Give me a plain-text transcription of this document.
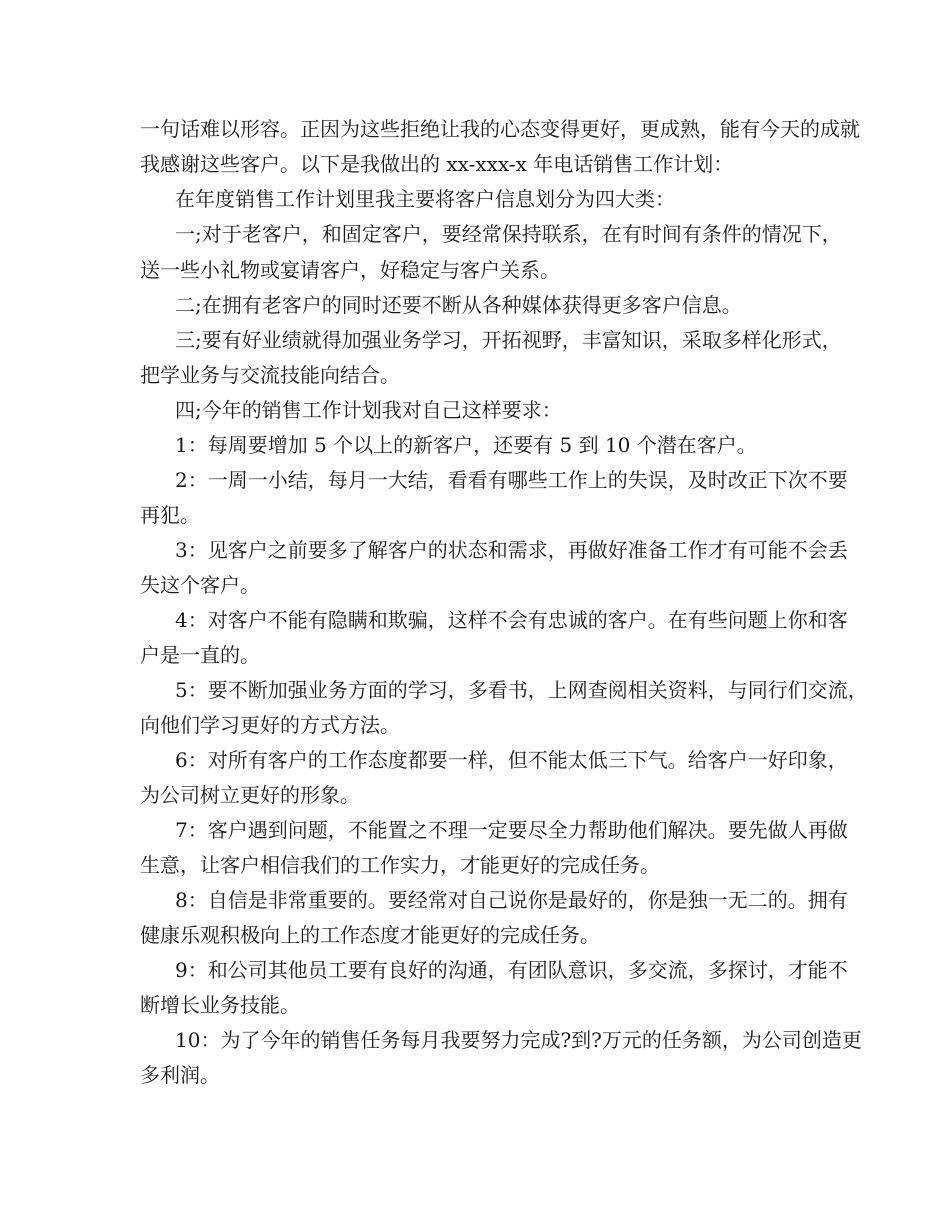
一句话难以形容。正因为这些拒绝让我的心态变得更好，更成熟，能有今天的成就
我感谢这些客户。以下是我做出的 xx-xxx-x 年电话销售工作计划：
在年度销售工作计划里我主要将客户信息划分为四大类：
一;对于老客户，和固定客户，要经常保持联系，在有时间有条件的情况下，
送一些小礼物或宴请客户，好稳定与客户关系。
二;在拥有老客户的同时还要不断从各种媒体获得更多客户信息。
三;要有好业绩就得加强业务学习，开拓视野，丰富知识，采取多样化形式，
把学业务与交流技能向结合。
四;今年的销售工作计划我对自己这样要求：
1：每周要增加 5 个以上的新客户，还要有 5 到 10 个潜在客户。
2：一周一小结，每月一大结，看看有哪些工作上的失误，及时改正下次不要
再犯。
3：见客户之前要多了解客户的状态和需求，再做好准备工作才有可能不会丢
失这个客户。
4：对客户不能有隐瞒和欺骗，这样不会有忠诚的客户。在有些问题上你和客
户是一直的。
5：要不断加强业务方面的学习，多看书，上网查阅相关资料，与同行们交流，
向他们学习更好的方式方法。
6：对所有客户的工作态度都要一样，但不能太低三下气。给客户一好印象，
为公司树立更好的形象。
7：客户遇到问题，不能置之不理一定要尽全力帮助他们解决。要先做人再做
生意，让客户相信我们的工作实力，才能更好的完成任务。
8：自信是非常重要的。要经常对自己说你是最好的，你是独一无二的。拥有
健康乐观积极向上的工作态度才能更好的完成任务。
9：和公司其他员工要有良好的沟通，有团队意识，多交流，多探讨，才能不
断增长业务技能。
10：为了今年的销售任务每月我要努力完成?到?万元的任务额，为公司创造更
多利润。
